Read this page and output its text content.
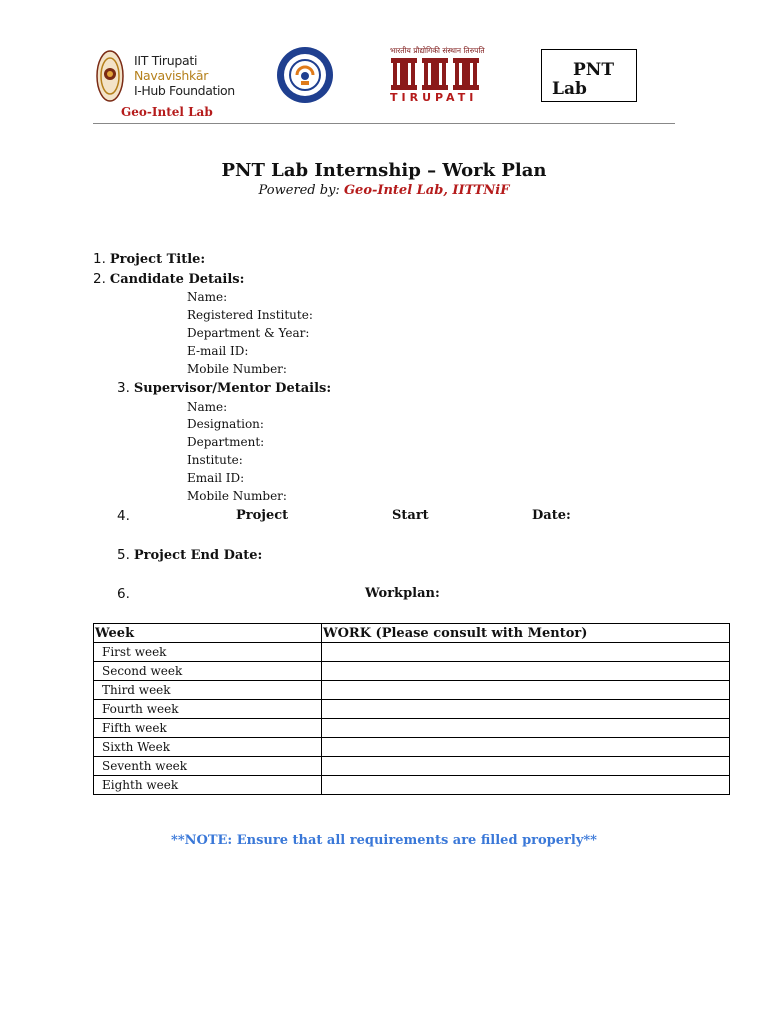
IIT Tirupati
Navavishkār
I-Hub Foundation
Geo-Intel Lab
भारतीय प्रौद्योगिकी संस्थान तिरुपति
TIRUPATI
PNT
Lab
PNT Lab Internship – Work Plan
Powered by: Geo-Intel Lab, IITTNiF
1. Project Title:
2. Candidate Details:
Name:
Registered Institute:
Department & Year:
E-mail ID:
Mobile Number:
3. Supervisor/Mentor Details:
Name:
Designation:
Department:
Institute:
Email ID:
Mobile Number:
4.	Project	Start	Date:
5. Project End Date:
6.	Workplan:
Week	WORK (Please consult with Mentor)
First week	
Second week	
Third week	
Fourth week	
Fifth week	
Sixth Week	
Seventh week	
Eighth week	
**NOTE: Ensure that all requirements are filled properly**
